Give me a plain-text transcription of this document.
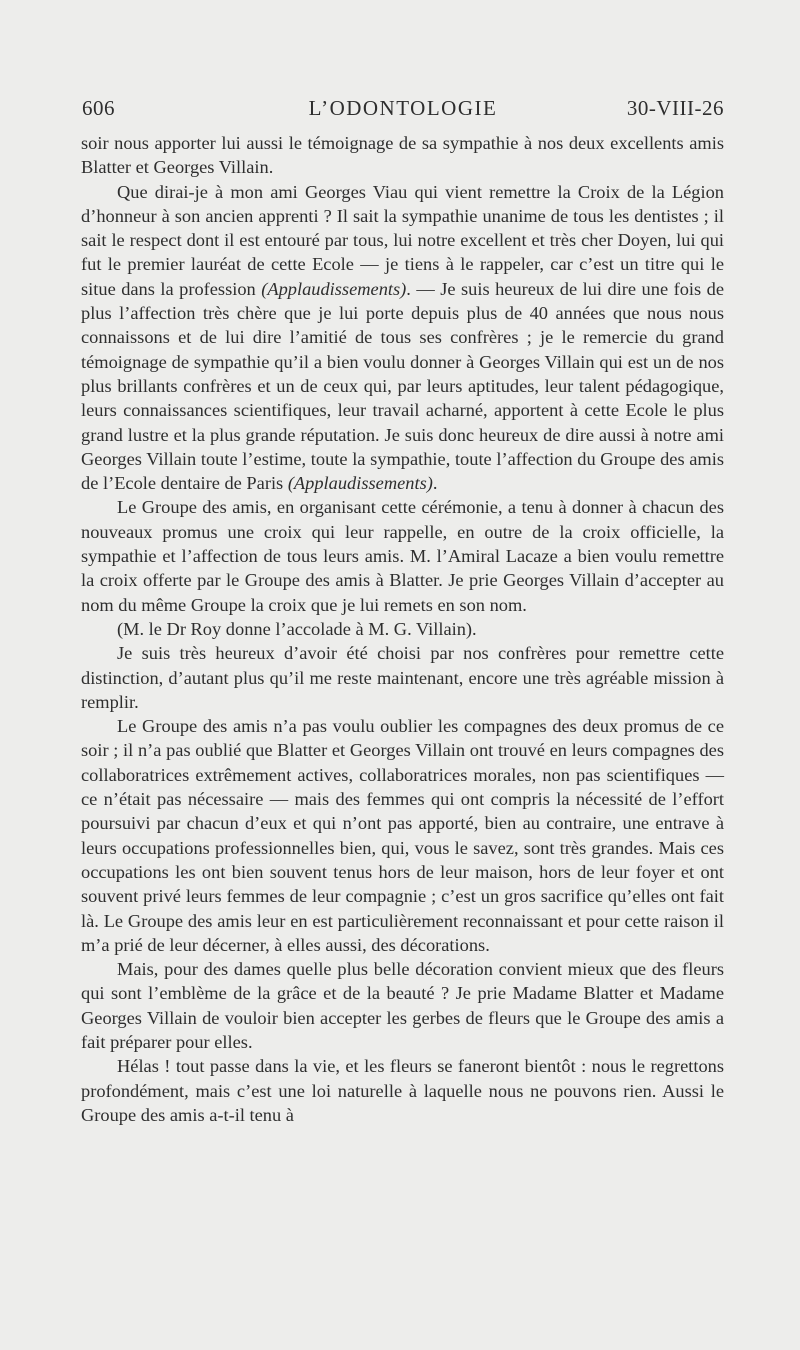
606	L’ODONTOLOGIE	30-VIII-26

soir nous apporter lui aussi le témoignage de sa sympathie à nos deux excellents amis Blatter et Georges Villain.

Que dirai-je à mon ami Georges Viau qui vient remettre la Croix de la Légion d’honneur à son ancien apprenti ? Il sait la sympathie unanime de tous les dentistes ; il sait le respect dont il est entouré par tous, lui notre excellent et très cher Doyen, lui qui fut le premier lauréat de cette Ecole — je tiens à le rappeler, car c’est un titre qui le situe dans la profession (Applaudissements). — Je suis heureux de lui dire une fois de plus l’affection très chère que je lui porte depuis plus de 40 années que nous nous connaissons et de lui dire l’amitié de tous ses confrères ; je le remercie du grand témoignage de sympathie qu’il a bien voulu donner à Georges Villain qui est un de nos plus brillants confrères et un de ceux qui, par leurs aptitudes, leur talent pédagogique, leurs connaissances scientifiques, leur travail acharné, apportent à cette Ecole le plus grand lustre et la plus grande réputation. Je suis donc heureux de dire aussi à notre ami Georges Villain toute l’estime, toute la sympathie, toute l’affection du Groupe des amis de l’Ecole dentaire de Paris (Applaudissements).

Le Groupe des amis, en organisant cette cérémonie, a tenu à donner à chacun des nouveaux promus une croix qui leur rappelle, en outre de la croix officielle, la sympathie et l’affection de tous leurs amis. M. l’Amiral Lacaze a bien voulu remettre la croix offerte par le Groupe des amis à Blatter. Je prie Georges Villain d’accepter au nom du même Groupe la croix que je lui remets en son nom.

(M. le Dr Roy donne l’accolade à M. G. Villain).

Je suis très heureux d’avoir été choisi par nos confrères pour remettre cette distinction, d’autant plus qu’il me reste maintenant, encore une très agréable mission à remplir.

Le Groupe des amis n’a pas voulu oublier les compagnes des deux promus de ce soir ; il n’a pas oublié que Blatter et Georges Villain ont trouvé en leurs compagnes des collaboratrices extrêmement actives, collaboratrices morales, non pas scientifiques — ce n’était pas nécessaire — mais des femmes qui ont compris la nécessité de l’effort poursuivi par chacun d’eux et qui n’ont pas apporté, bien au contraire, une entrave à leurs occupations professionnelles bien, qui, vous le savez, sont très grandes. Mais ces occupations les ont bien souvent tenus hors de leur maison, hors de leur foyer et ont souvent privé leurs femmes de leur compagnie ; c’est un gros sacrifice qu’elles ont fait là. Le Groupe des amis leur en est particulièrement reconnaissant et pour cette raison il m’a prié de leur décerner, à elles aussi, des décorations.

Mais, pour des dames quelle plus belle décoration convient mieux que des fleurs qui sont l’emblème de la grâce et de la beauté ? Je prie Madame Blatter et Madame Georges Villain de vouloir bien accepter les gerbes de fleurs que le Groupe des amis a fait préparer pour elles.

Hélas ! tout passe dans la vie, et les fleurs se faneront bientôt : nous le regrettons profondément, mais c’est une loi naturelle à laquelle nous ne pouvons rien. Aussi le Groupe des amis a-t-il tenu à
